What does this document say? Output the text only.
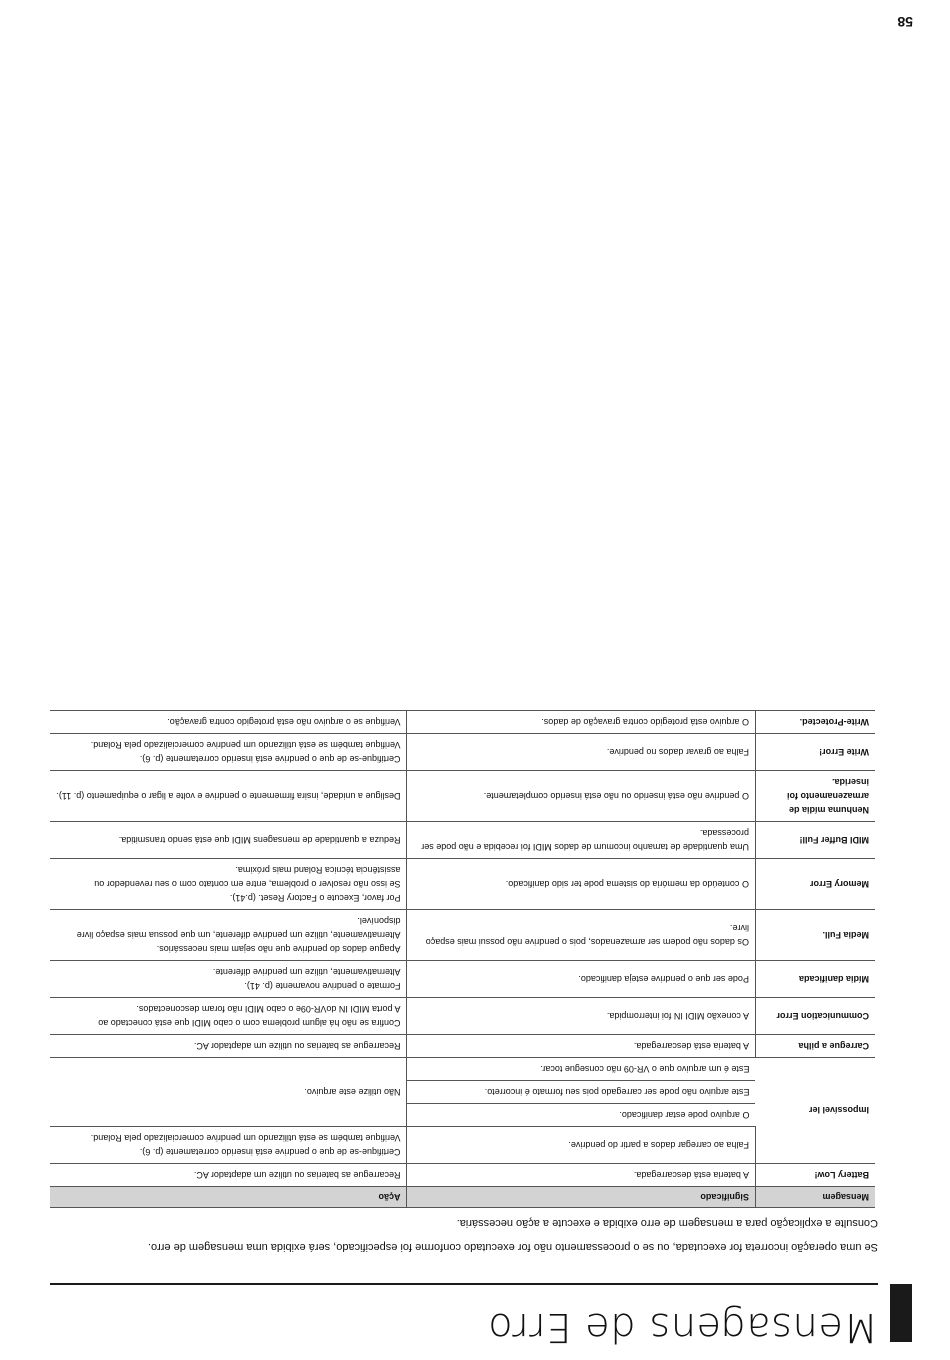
Mensagens de Erro

Se uma operação incorreta for executada, ou se o processamento não for executado conforme foi especificado, será exibida uma mensagem de erro.

Consulte a explicação para a mensagem de erro exibida e execute a ação necessária.

Mensagem	Significado	Ação
Battery Low!	A bateria está descarregada.	Recarregue as baterias ou utilize um adaptador AC.
Impossível ler	Falha ao carregar dados a partir do pendrive.	Certifique-se de que o pendrive está inserido corretamente (p. 6).
Verifique também se está utilizando um pendrive comercializado pela Roland.

	O arquivo pode estar danificado.	Não utilize este arquivo.
	Este arquivo não pode ser carregado pois seu formato é incorreto.	
	Este é um arquivo que o VR-09 não consegue tocar.	
Carregue a pilha	A bateria está descarregada.	Recarregue as baterias ou utilize um adaptador AC.
Communication Error	A conexão MIDI IN foi interrompida.	Confira se não há algum problema com o cabo MIDI que está conectado ao
A porta MIDI IN doVR-09e o cabo MIDI não foram desconectados.

Mídia danificada	Pode ser que o pendrive esteja danificado.	Formate o pendrive novamente (p. 41).
Alternativamente, utilize um pendrive diferente.

Media Full.	Os dados não podem ser armazenados, pois o pendrive não possui mais espaço livre.	Apague dados do pendrive que não sejam mais necessários.
Alternativamente, utilize um pendrive diferente, um que possua mais espaço livre disponível.

Memory Error	O conteúdo da memória do sistema pode ter sido danificado.	Por favor, Execute o Factory Reset. (p.41).
Se isso não resolver o problema, entre em contato com o seu revendedor ou assistência técnica Roland mais próxima.

MIDI Buffer Full!	Uma quantidade de tamanho incomum de dados MIDI foi recebida e não pode ser processada.	Reduza a quantidade de mensagens MIDI que está sendo transmitida.
Nenhuma mídia de armazenamento foi inserida.	O pendrive não está inserido ou não está inserido completamente.	Desligue a unidade, insira firmemente o pendrive e volte a ligar o equipamento (p. 11).
Write Error!	Falha ao gravar dados no pendrive.	Certifique-se de que o pendrive está inserido corretamente (p. 6).
Verifique também se está utilizando um pendrive comercializado pela Roland.

Write-Protected.	O arquivo está protegido contra gravação de dados.	Verifique se o arquivo não está protegido contra gravação.
58
